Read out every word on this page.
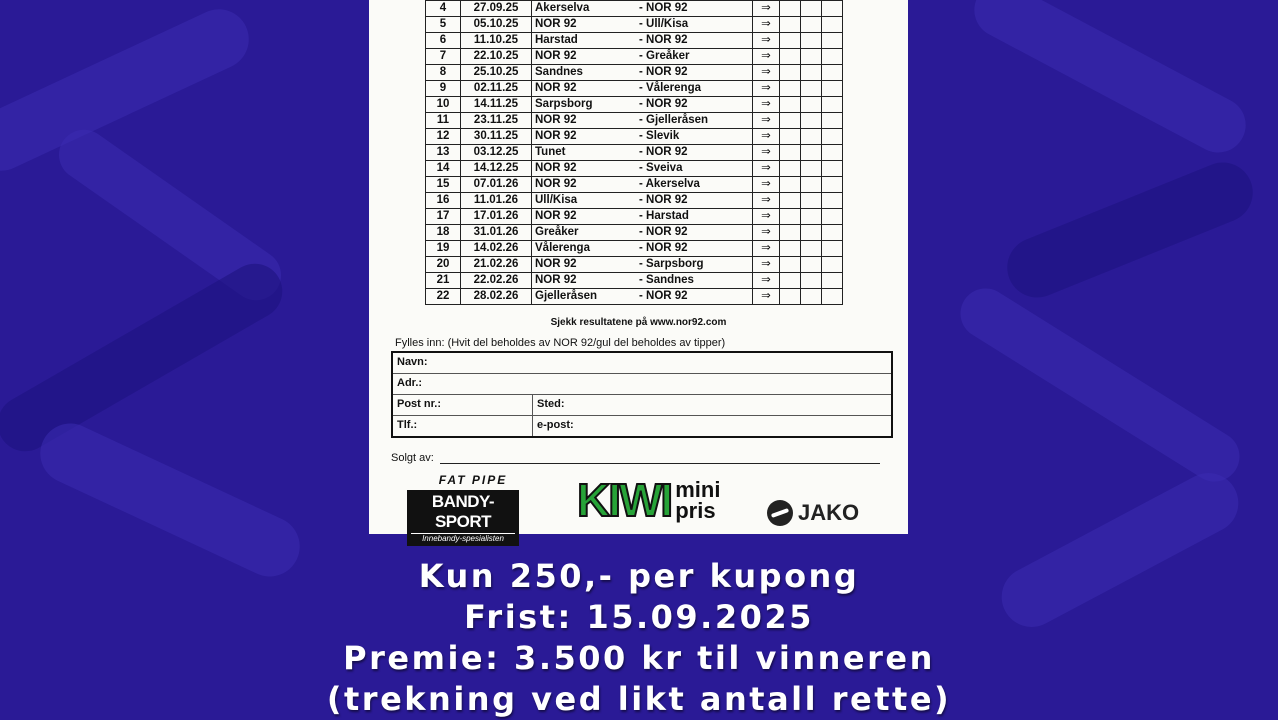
4	27.09.25	Akerselva	- NOR 92	⇒			
5	05.10.25	NOR 92	- Ull/Kisa	⇒			
6	11.10.25	Harstad	- NOR 92	⇒			
7	22.10.25	NOR 92	- Greåker	⇒			
8	25.10.25	Sandnes	- NOR 92	⇒			
9	02.11.25	NOR 92	- Vålerenga	⇒			
10	14.11.25	Sarpsborg	- NOR 92	⇒			
11	23.11.25	NOR 92	- Gjelleråsen	⇒			
12	30.11.25	NOR 92	- Slevik	⇒			
13	03.12.25	Tunet	- NOR 92	⇒			
14	14.12.25	NOR 92	- Sveiva	⇒			
15	07.01.26	NOR 92	- Akerselva	⇒			
16	11.01.26	Ull/Kisa	- NOR 92	⇒			
17	17.01.26	NOR 92	- Harstad	⇒			
18	31.01.26	Greåker	- NOR 92	⇒			
19	14.02.26	Vålerenga	- NOR 92	⇒			
20	21.02.26	NOR 92	- Sarpsborg	⇒			
21	22.02.26	NOR 92	- Sandnes	⇒			
22	28.02.26	Gjelleråsen	- NOR 92	⇒			
Sjekk resultatene på www.nor92.com
Fylles inn: (Hvit del beholdes av NOR 92/gul del beholdes av tipper)
Navn:
Adr.:
Post nr.:	Sted:
Tlf.:	e-post:
Solgt av:
FAT PIPE
BANDY-SPORT
Innebandy-spesialisten
KIWI mini
pris	JAKO
Kun 250,- per kupong
Frist: 15.09.2025
Premie: 3.500 kr til vinneren
(trekning ved likt antall rette)
